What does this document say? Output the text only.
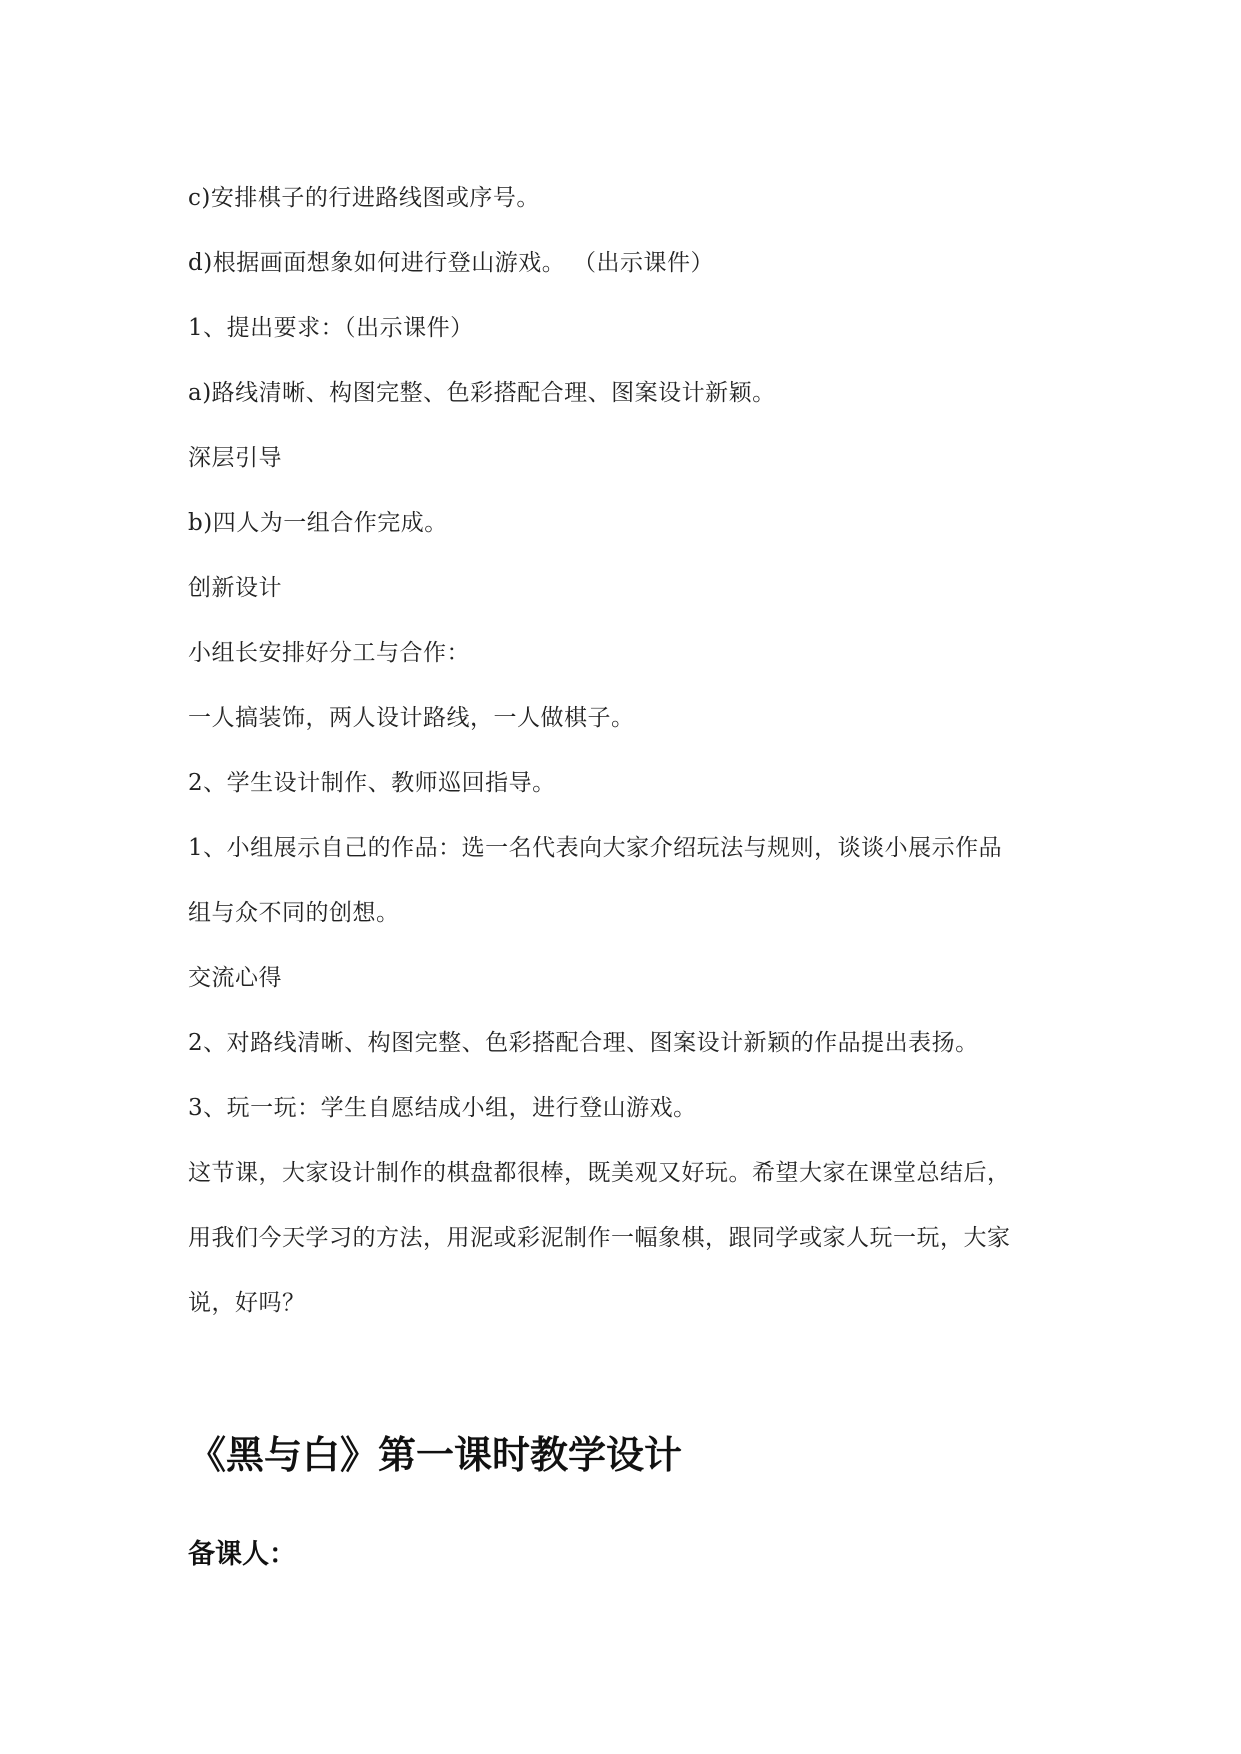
c)安排棋子的行进路线图或序号。
d)根据画面想象如何进行登山游戏。 （出示课件）
1、提出要求：（出示课件）
a)路线清晰、构图完整、色彩搭配合理、图案设计新颖。
深层引导
b)四人为一组合作完成。
创新设计
小组长安排好分工与合作：
一人搞装饰，两人设计路线，一人做棋子。
2、学生设计制作、教师巡回指导。
1、小组展示自己的作品：选一名代表向大家介绍玩法与规则，谈谈小展示作品
组与众不同的创想。
交流心得
2、对路线清晰、构图完整、色彩搭配合理、图案设计新颖的作品提出表扬。
3、玩一玩：学生自愿结成小组，进行登山游戏。
这节课，大家设计制作的棋盘都很棒，既美观又好玩。希望大家在课堂总结后，
用我们今天学习的方法，用泥或彩泥制作一幅象棋，跟同学或家人玩一玩，大家
说，好吗？
《黑与白》第一课时教学设计
备课人：
